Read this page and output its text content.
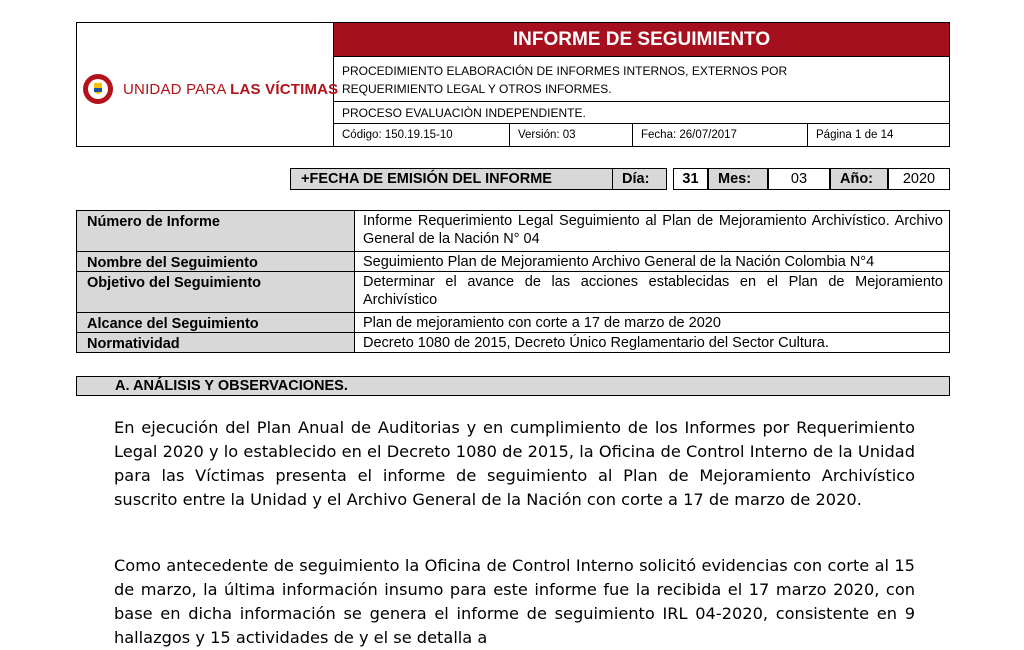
UNIDAD PARA LAS VÍCTIMAS
INFORME DE SEGUIMIENTO
PROCEDIMIENTO ELABORACIÓN DE INFORMES INTERNOS, EXTERNOS POR
REQUERIMIENTO LEGAL Y OTROS INFORMES.
PROCESO EVALUACIÒN INDEPENDIENTE.
Código: 150.19.15-10	Versión: 03	Fecha: 26/07/2017	Página 1 de 14
+FECHA DE EMISIÓN DEL INFORME	Día:	31	Mes:	03	Año:	2020
Número de Informe	Informe Requerimiento Legal Seguimiento al Plan de Mejoramiento Archivístico. Archivo General de la Nación N° 04
Nombre del Seguimiento	Seguimiento Plan de Mejoramiento Archivo General de la Nación Colombia N°4
Objetivo del Seguimiento	Determinar el avance de las acciones establecidas en el Plan de Mejoramiento Archivístico
Alcance del Seguimiento	Plan de mejoramiento con corte a 17 de marzo de 2020
Normatividad	Decreto 1080 de 2015, Decreto Único Reglamentario del Sector Cultura.
A. ANÁLISIS Y OBSERVACIONES.
En ejecución del Plan Anual de Auditorias y en cumplimiento de los Informes por Requerimiento Legal 2020 y lo establecido en el Decreto 1080 de 2015, la Oficina de Control Interno de la Unidad para las Víctimas presenta el informe de seguimiento al Plan de Mejoramiento Archivístico suscrito entre la Unidad y el Archivo General de la Nación con corte a 17 de marzo de 2020.
Como antecedente de seguimiento la Oficina de Control Interno solicitó evidencias con corte al 15 de marzo, la última información insumo para este informe fue la recibida el 17 marzo 2020, con base en dicha información se genera el informe de seguimiento IRL 04-2020, consistente en 9 hallazgos y 15 actividades de y el se detalla a
